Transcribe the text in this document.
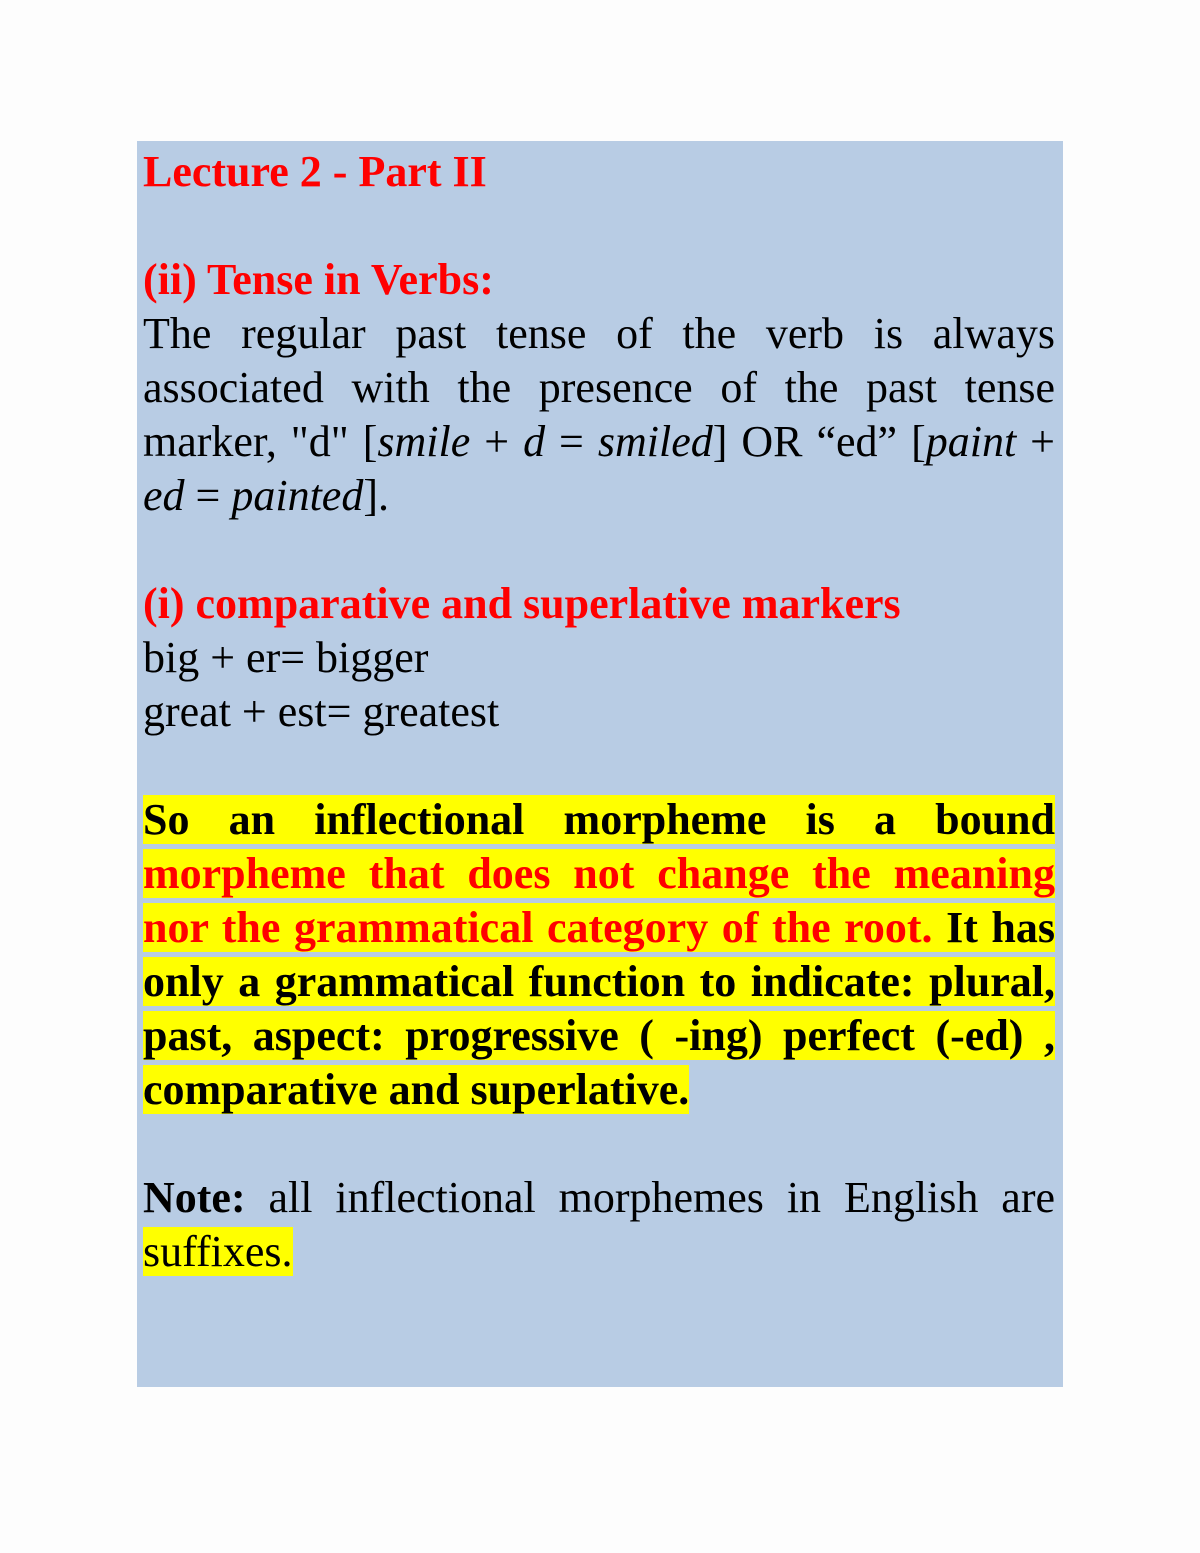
Lecture 2 - Part II
(ii) Tense in Verbs:
The regular past tense of the verb is always associated with the presence of the past tense marker, "d" [smile + d = smiled] OR “ed” [paint + ed = painted].
(i) comparative and superlative markers
big + er= bigger
great + est= greatest
So an inflectional morpheme is a bound morpheme that does not change the meaning nor the grammatical category of the root. It has only a grammatical function to indicate: plural, past, aspect: progressive ( -ing) perfect (-ed) , comparative and superlative.
Note: all inflectional morphemes in English are suffixes.
